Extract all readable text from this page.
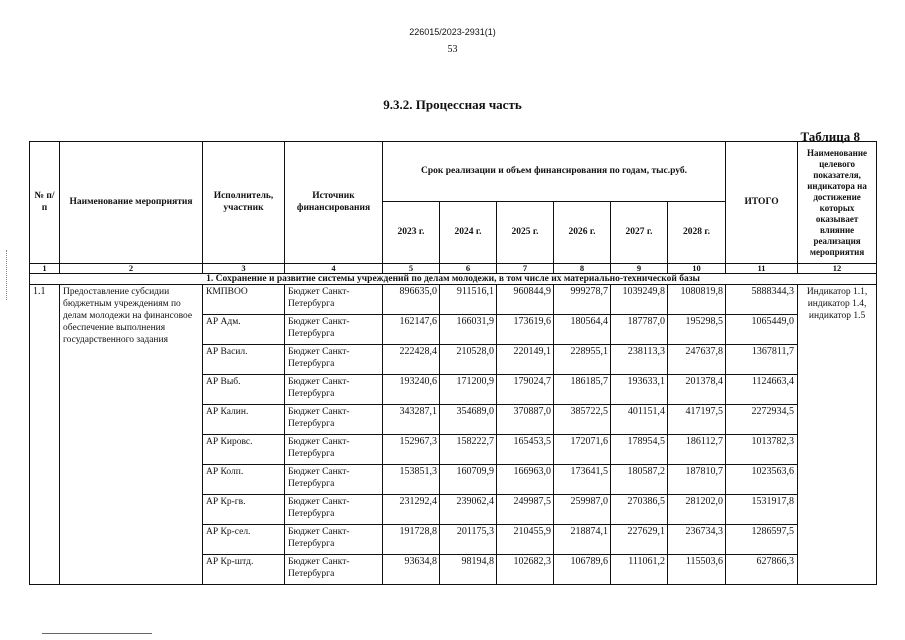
226015/2023-2931(1)
53
9.3.2. Процессная часть
Таблица 8
№ п/п	Наименование мероприятия	Исполнитель, участник	Источник финансирования	Срок реализации и объем финансирования по годам, тыс.руб.						ИТОГО	Наименование целевого показателя, индикатора на достижение которых оказывает влияние реализация мероприятия
				2023 г.	2024 г.	2025 г.	2026 г.	2027 г.	2028 г.		
1	2	3	4	5	6	7	8	9	10	11	12
1. Сохранение и развитие системы учреждений по делам молодежи, в том числе их материально-технической базы											
1.1	Предоставление субсидии бюджетным учреждениям по делам молодежи на финансовое обеспечение выполнения государственного задания	КМПВОО	Бюджет Санкт-Петербурга	896635,0	911516,1	960844,9	999278,7	1039249,8	1080819,8	5888344,3	Индикатор 1.1, индикатор 1.4, индикатор 1.5
		АР Адм.	Бюджет Санкт-Петербурга	162147,6	166031,9	173619,6	180564,4	187787,0	195298,5	1065449,0	
		АР Васил.	Бюджет Санкт-Петербурга	222428,4	210528,0	220149,1	228955,1	238113,3	247637,8	1367811,7	
		АР Выб.	Бюджет Санкт-Петербурга	193240,6	171200,9	179024,7	186185,7	193633,1	201378,4	1124663,4	
		АР Калин.	Бюджет Санкт-Петербурга	343287,1	354689,0	370887,0	385722,5	401151,4	417197,5	2272934,5	
		АР Кировс.	Бюджет Санкт-Петербурга	152967,3	158222,7	165453,5	172071,6	178954,5	186112,7	1013782,3	
		АР Колп.	Бюджет Санкт-Петербурга	153851,3	160709,9	166963,0	173641,5	180587,2	187810,7	1023563,6	
		АР Кр-гв.	Бюджет Санкт-Петербурга	231292,4	239062,4	249987,5	259987,0	270386,5	281202,0	1531917,8	
		АР Кр-сел.	Бюджет Санкт-Петербурга	191728,8	201175,3	210455,9	218874,1	227629,1	236734,3	1286597,5	
		АР Кр-штд.	Бюджет Санкт-Петербурга	93634,8	98194,8	102682,3	106789,6	111061,2	115503,6	627866,3	
